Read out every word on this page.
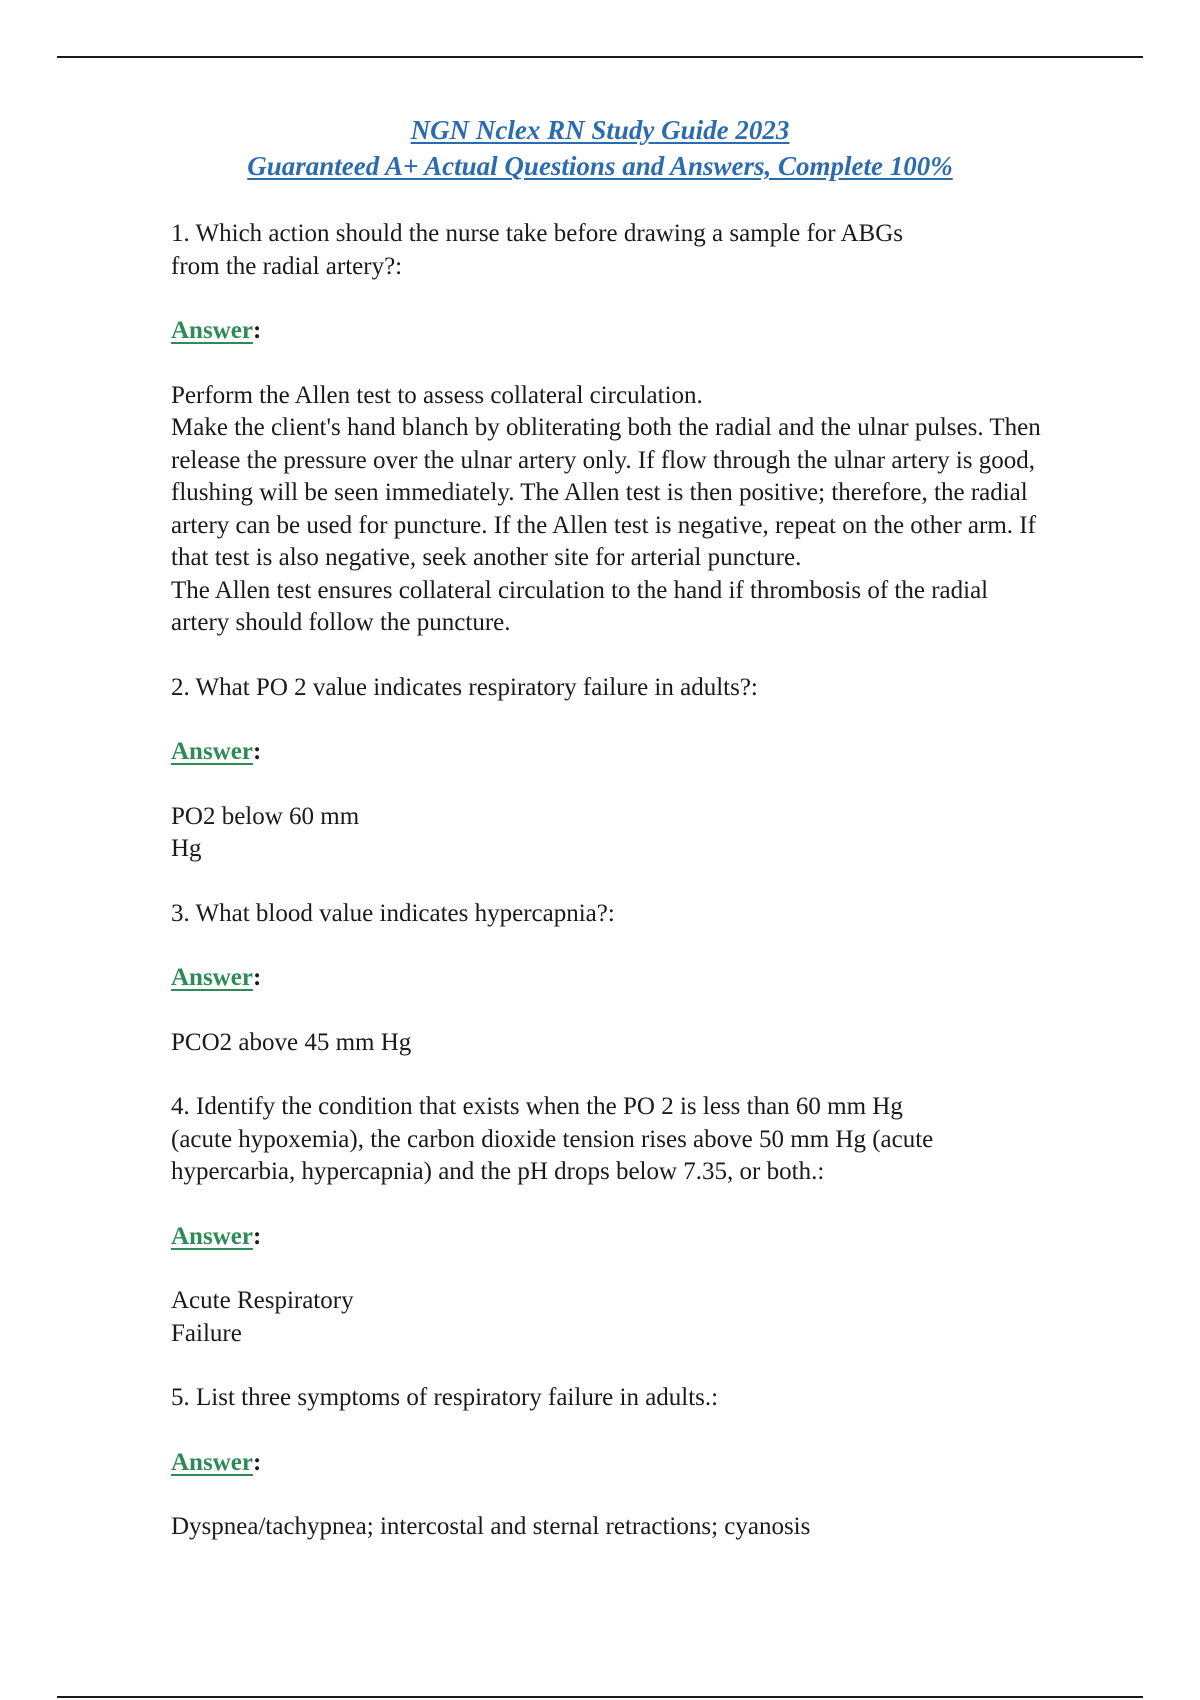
NGN Nclex RN Study Guide 2023
Guaranteed A+ Actual Questions and Answers, Complete 100%

1. Which action should the nurse take before drawing a sample for ABGs
from the radial artery?:

Answer:

Perform the Allen test to assess collateral circulation.
Make the client's hand blanch by obliterating both the radial and the ulnar pulses. Then release the pressure over the ulnar artery only. If flow through the ulnar artery is good, flushing will be seen immediately. The Allen test is then positive; therefore, the radial artery can be used for puncture. If the Allen test is negative, repeat on the other arm. If that test is also negative, seek another site for arterial puncture.
The Allen test ensures collateral circulation to the hand if thrombosis of the radial artery should follow the puncture.

2. What PO 2 value indicates respiratory failure in adults?:

Answer:

PO2 below 60 mm
Hg

3. What blood value indicates hypercapnia?:

Answer:

PCO2 above 45 mm Hg

4. Identify the condition that exists when the PO 2 is less than 60 mm Hg
(acute hypoxemia), the carbon dioxide tension rises above 50 mm Hg (acute
hypercarbia, hypercapnia) and the pH drops below 7.35, or both.:

Answer:

Acute Respiratory
Failure

5. List three symptoms of respiratory failure in adults.:

Answer:

Dyspnea/tachypnea; intercostal and sternal retractions; cyanosis
